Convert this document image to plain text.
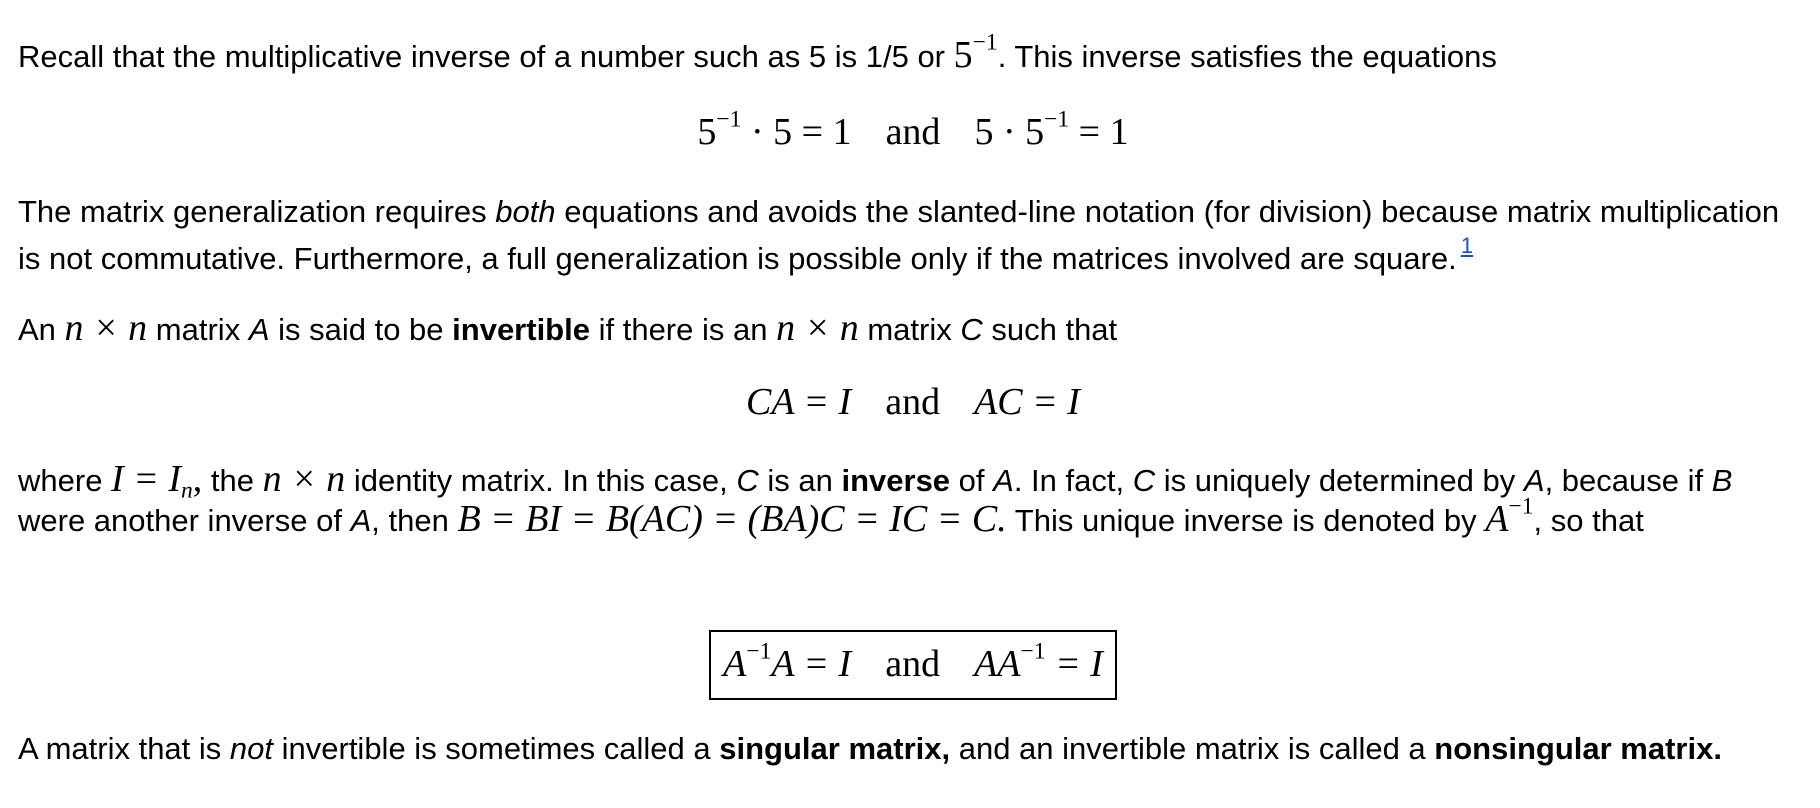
Recall that the multiplicative inverse of a number such as 5 is 1/5 or $5^{-1}$. This inverse satisfies the equations

$5^{-1} \cdot 5 = 1$ and $5 \cdot 5^{-1} = 1$

The matrix generalization requires both equations and avoids the slanted-line notation (for division) because matrix multiplication is not commutative. Furthermore, a full generalization is possible only if the matrices involved are square. $^1$

An n × n matrix A is said to be invertible if there is an n × n matrix C such that

CA = I and AC = I

where $I = I_n$, the n × n identity matrix. In this case, C is an inverse of A. In fact, C is uniquely determined by A, because if B were another inverse of A, then B = BI = B(AC) = (BA)C = IC = C. This unique inverse is denoted by $A^{-1}$, so that

$A^{-1}A = I$ and $AA^{-1} = I$

A matrix that is not invertible is sometimes called a singular matrix, and an invertible matrix is called a nonsingular matrix.
